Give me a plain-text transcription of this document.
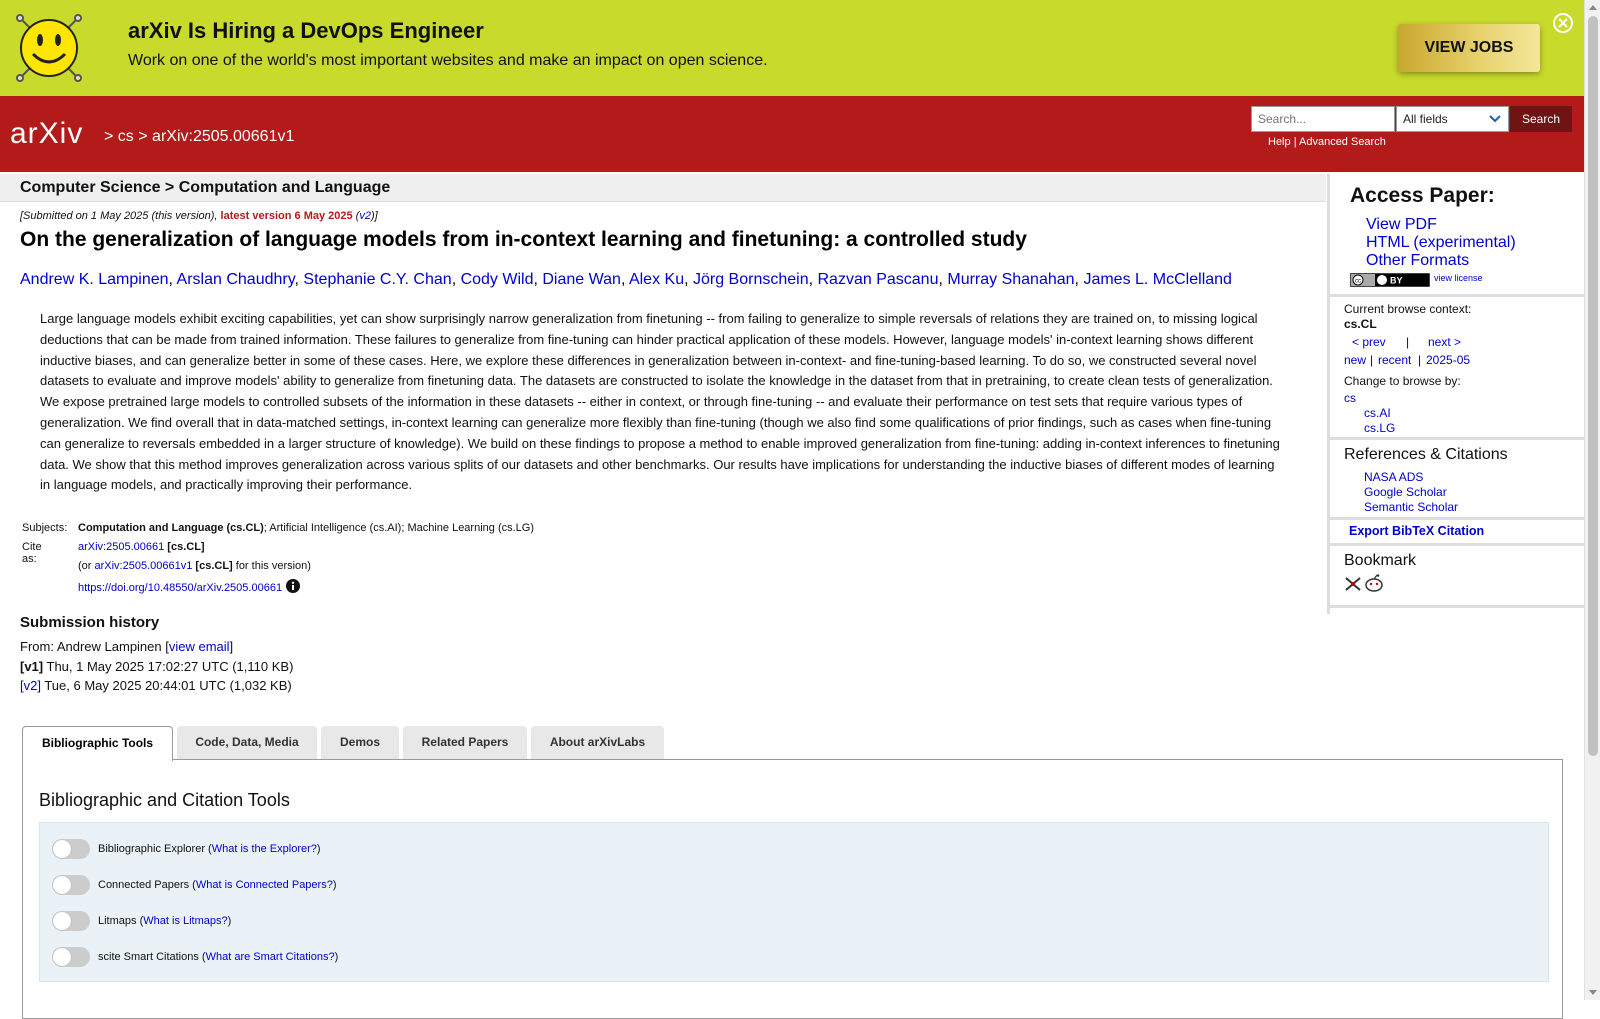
arXiv Is Hiring a DevOps Engineer
Work on one of the world's most important websites and make an impact on open science.
VIEW JOBS
arXiv > cs > arXiv:2505.00661v1
Search...
All fields	Search
Help | Advanced Search
Computer Science > Computation and Language
[Submitted on 1 May 2025 (this version), latest version 6 May 2025 (v2)]
On the generalization of language models from in-context learning and finetuning: a controlled study
Andrew K. Lampinen, Arslan Chaudhry, Stephanie C.Y. Chan, Cody Wild, Diane Wan, Alex Ku, Jörg Bornschein, Razvan Pascanu, Murray Shanahan, James L. McClelland
Large language models exhibit exciting capabilities, yet can show surprisingly narrow generalization from finetuning -- from failing to generalize to simple reversals of relations they are trained on, to missing logical deductions that can be made from trained information. These failures to generalize from fine-tuning can hinder practical application of these models. However, language models' in-context learning shows different inductive biases, and can generalize better in some of these cases. Here, we explore these differences in generalization between in-context- and fine-tuning-based learning. To do so, we constructed several novel datasets to evaluate and improve models' ability to generalize from finetuning data. The datasets are constructed to isolate the knowledge in the dataset from that in pretraining, to create clean tests of generalization. We expose pretrained large models to controlled subsets of the information in these datasets -- either in context, or through fine-tuning -- and evaluate their performance on test sets that require various types of generalization. We find overall that in data-matched settings, in-context learning can generalize more flexibly than fine-tuning (though we also find some qualifications of prior findings, such as cases when fine-tuning can generalize to reversals embedded in a larger structure of knowledge). We build on these findings to propose a method to enable improved generalization from fine-tuning: adding in-context inferences to finetuning data. We show that this method improves generalization across various splits of our datasets and other benchmarks. Our results have implications for understanding the inductive biases of different modes of learning in language models, and practically improving their performance.
Subjects: Computation and Language (cs.CL); Artificial Intelligence (cs.AI); Machine Learning (cs.LG)
Cite as:
arXiv:2505.00661 [cs.CL]
(or arXiv:2505.00661v1 [cs.CL] for this version)
https://doi.org/10.48550/arXiv.2505.00661
Submission history
From: Andrew Lampinen [view email]
[v1] Thu, 1 May 2025 17:02:27 UTC (1,110 KB)
[v2] Tue, 6 May 2025 20:44:01 UTC (1,032 KB)
Bibliographic Tools	Code, Data, Media	Demos	Related Papers	About arXivLabs
Bibliographic and Citation Tools
Bibliographic Explorer (What is the Explorer?)
Connected Papers (What is Connected Papers?)
Litmaps (What is Litmaps?)
scite Smart Citations (What are Smart Citations?)
Access Paper:
View PDF
HTML (experimental)
Other Formats
cc	BY	view license
Current browse context:
cs.CL
< prev | next >
new | recent | 2025-05
Change to browse by:
cs
cs.AI
cs.LG
References & Citations
NASA ADS
Google Scholar
Semantic Scholar
Export BibTeX Citation
Bookmark
